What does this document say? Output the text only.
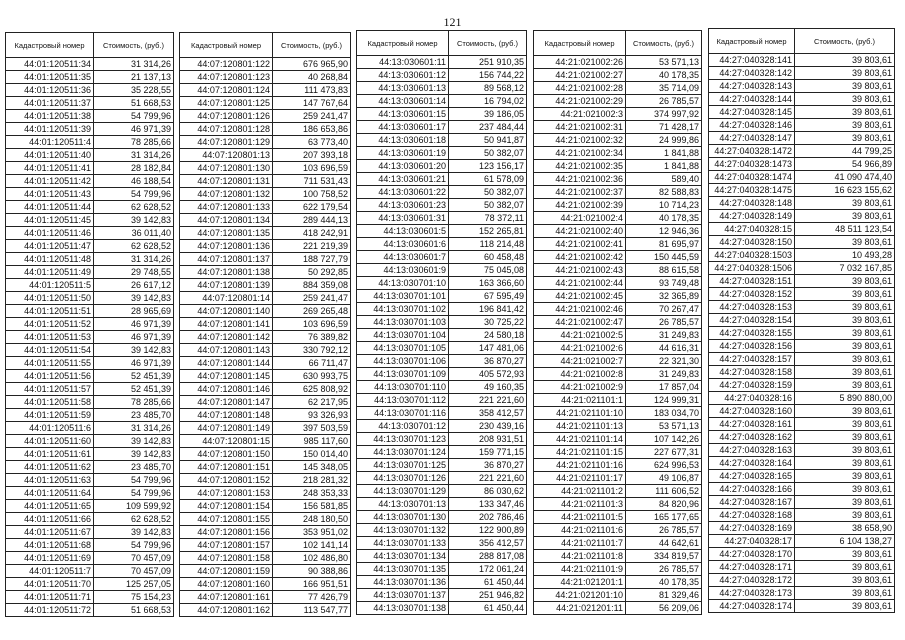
121
Кадастровый номер	Стоимость, (руб.)
44:01:120511:34	31 314,26
44:01:120511:35	21 137,13
44:01:120511:36	35 228,55
44:01:120511:37	51 668,53
44:01:120511:38	54 799,96
44:01:120511:39	46 971,39
44:01:120511:4	78 285,66
44:01:120511:40	31 314,26
44:01:120511:41	28 182,84
44:01:120511:42	46 188,54
44:01:120511:43	54 799,96
44:01:120511:44	62 628,52
44:01:120511:45	39 142,83
44:01:120511:46	36 011,40
44:01:120511:47	62 628,52
44:01:120511:48	31 314,26
44:01:120511:49	29 748,55
44:01:120511:5	26 617,12
44:01:120511:50	39 142,83
44:01:120511:51	28 965,69
44:01:120511:52	46 971,39
44:01:120511:53	46 971,39
44:01:120511:54	39 142,83
44:01:120511:55	46 971,39
44:01:120511:56	52 451,39
44:01:120511:57	52 451,39
44:01:120511:58	78 285,66
44:01:120511:59	23 485,70
44:01:120511:6	31 314,26
44:01:120511:60	39 142,83
44:01:120511:61	39 142,83
44:01:120511:62	23 485,70
44:01:120511:63	54 799,96
44:01:120511:64	54 799,96
44:01:120511:65	109 599,92
44:01:120511:66	62 628,52
44:01:120511:67	39 142,83
44:01:120511:68	54 799,96
44:01:120511:69	70 457,09
44:01:120511:7	70 457,09
44:01:120511:70	125 257,05
44:01:120511:71	75 154,23
44:01:120511:72	51 668,53
Кадастровый номер	Стоимость, (руб.)
44:07:120801:122	676 965,90
44:07:120801:123	40 268,84
44:07:120801:124	111 473,83
44:07:120801:125	147 767,64
44:07:120801:126	259 241,47
44:07:120801:128	186 653,86
44:07:120801:129	63 773,40
44:07:120801:13	207 393,18
44:07:120801:130	103 696,59
44:07:120801:131	711 531,43
44:07:120801:132	100 758,52
44:07:120801:133	622 179,54
44:07:120801:134	289 444,13
44:07:120801:135	418 242,91
44:07:120801:136	221 219,39
44:07:120801:137	188 727,79
44:07:120801:138	50 292,85
44:07:120801:139	884 359,08
44:07:120801:14	259 241,47
44:07:120801:140	269 265,48
44:07:120801:141	103 696,59
44:07:120801:142	76 389,82
44:07:120801:143	330 792,12
44:07:120801:144	66 711,47
44:07:120801:145	630 993,75
44:07:120801:146	625 808,92
44:07:120801:147	62 217,95
44:07:120801:148	93 326,93
44:07:120801:149	397 503,59
44:07:120801:15	985 117,60
44:07:120801:150	150 014,40
44:07:120801:151	145 348,05
44:07:120801:152	218 281,32
44:07:120801:153	248 353,33
44:07:120801:154	156 581,85
44:07:120801:155	248 180,50
44:07:120801:156	353 951,02
44:07:120801:157	102 141,14
44:07:120801:158	102 486,80
44:07:120801:159	90 388,86
44:07:120801:160	166 951,51
44:07:120801:161	77 426,79
44:07:120801:162	113 547,77
Кадастровый номер	Стоимость, (руб.)
44:13:030601:11	251 910,35
44:13:030601:12	156 744,22
44:13:030601:13	89 568,12
44:13:030601:14	16 794,02
44:13:030601:15	39 186,05
44:13:030601:17	237 484,44
44:13:030601:18	50 941,87
44:13:030601:19	50 382,07
44:13:030601:20	123 156,17
44:13:030601:21	61 578,09
44:13:030601:22	50 382,07
44:13:030601:23	50 382,07
44:13:030601:31	78 372,11
44:13:030601:5	152 265,81
44:13:030601:6	118 214,48
44:13:030601:7	60 458,48
44:13:030601:9	75 045,08
44:13:030701:10	163 366,60
44:13:030701:101	67 595,49
44:13:030701:102	196 841,42
44:13:030701:103	30 725,22
44:13:030701:104	24 580,18
44:13:030701:105	147 481,06
44:13:030701:106	36 870,27
44:13:030701:109	405 572,93
44:13:030701:110	49 160,35
44:13:030701:112	221 221,60
44:13:030701:116	358 412,57
44:13:030701:12	230 439,16
44:13:030701:123	208 931,51
44:13:030701:124	159 771,15
44:13:030701:125	36 870,27
44:13:030701:126	221 221,60
44:13:030701:129	86 030,62
44:13:030701:13	133 347,46
44:13:030701:130	202 786,46
44:13:030701:132	122 900,89
44:13:030701:133	356 412,57
44:13:030701:134	288 817,08
44:13:030701:135	172 061,24
44:13:030701:136	61 450,44
44:13:030701:137	251 946,82
44:13:030701:138	61 450,44
Кадастровый номер	Стоимость, (руб.)
44:21:021002:26	53 571,13
44:21:021002:27	40 178,35
44:21:021002:28	35 714,09
44:21:021002:29	26 785,57
44:21:021002:3	374 997,92
44:21:021002:31	71 428,17
44:21:021002:32	24 999,86
44:21:021002:34	1 841,88
44:21:021002:35	1 841,88
44:21:021002:36	589,40
44:21:021002:37	82 588,83
44:21:021002:39	10 714,23
44:21:021002:4	40 178,35
44:21:021002:40	12 946,36
44:21:021002:41	81 695,97
44:21:021002:42	150 445,59
44:21:021002:43	88 615,58
44:21:021002:44	93 749,48
44:21:021002:45	32 365,89
44:21:021002:46	70 267,47
44:21:021002:47	26 785,57
44:21:021002:5	31 249,83
44:21:021002:6	44 616,31
44:21:021002:7	22 321,30
44:21:021002:8	31 249,83
44:21:021002:9	17 857,04
44:21:021101:1	124 999,31
44:21:021101:10	183 034,70
44:21:021101:13	53 571,13
44:21:021101:14	107 142,26
44:21:021101:15	227 677,31
44:21:021101:16	624 996,53
44:21:021101:17	49 106,87
44:21:021101:2	111 606,52
44:21:021101:3	84 820,96
44:21:021101:5	165 177,65
44:21:021101:6	26 785,57
44:21:021101:7	44 642,61
44:21:021101:8	334 819,57
44:21:021101:9	26 785,57
44:21:021201:1	40 178,35
44:21:021201:10	81 329,46
44:21:021201:11	56 209,06
Кадастровый номер	Стоимость, (руб.)
44:27:040328:141	39 803,61
44:27:040328:142	39 803,61
44:27:040328:143	39 803,61
44:27:040328:144	39 803,61
44:27:040328:145	39 803,61
44:27:040328:146	39 803,61
44:27:040328:147	39 803,61
44:27:040328:1472	44 799,25
44:27:040328:1473	54 966,89
44:27:040328:1474	41 090 474,40
44:27:040328:1475	16 623 155,62
44:27:040328:148	39 803,61
44:27:040328:149	39 803,61
44:27:040328:15	48 511 123,54
44:27:040328:150	39 803,61
44:27:040328:1503	10 493,28
44:27:040328:1506	7 032 167,85
44:27:040328:151	39 803,61
44:27:040328:152	39 803,61
44:27:040328:153	39 803,61
44:27:040328:154	39 803,61
44:27:040328:155	39 803,61
44:27:040328:156	39 803,61
44:27:040328:157	39 803,61
44:27:040328:158	39 803,61
44:27:040328:159	39 803,61
44:27:040328:16	5 890 880,00
44:27:040328:160	39 803,61
44:27:040328:161	39 803,61
44:27:040328:162	39 803,61
44:27:040328:163	39 803,61
44:27:040328:164	39 803,61
44:27:040328:165	39 803,61
44:27:040328:166	39 803,61
44:27:040328:167	39 803,61
44:27:040328:168	39 803,61
44:27:040328:169	38 658,90
44:27:040328:17	6 104 138,27
44:27:040328:170	39 803,61
44:27:040328:171	39 803,61
44:27:040328:172	39 803,61
44:27:040328:173	39 803,61
44:27:040328:174	39 803,61
